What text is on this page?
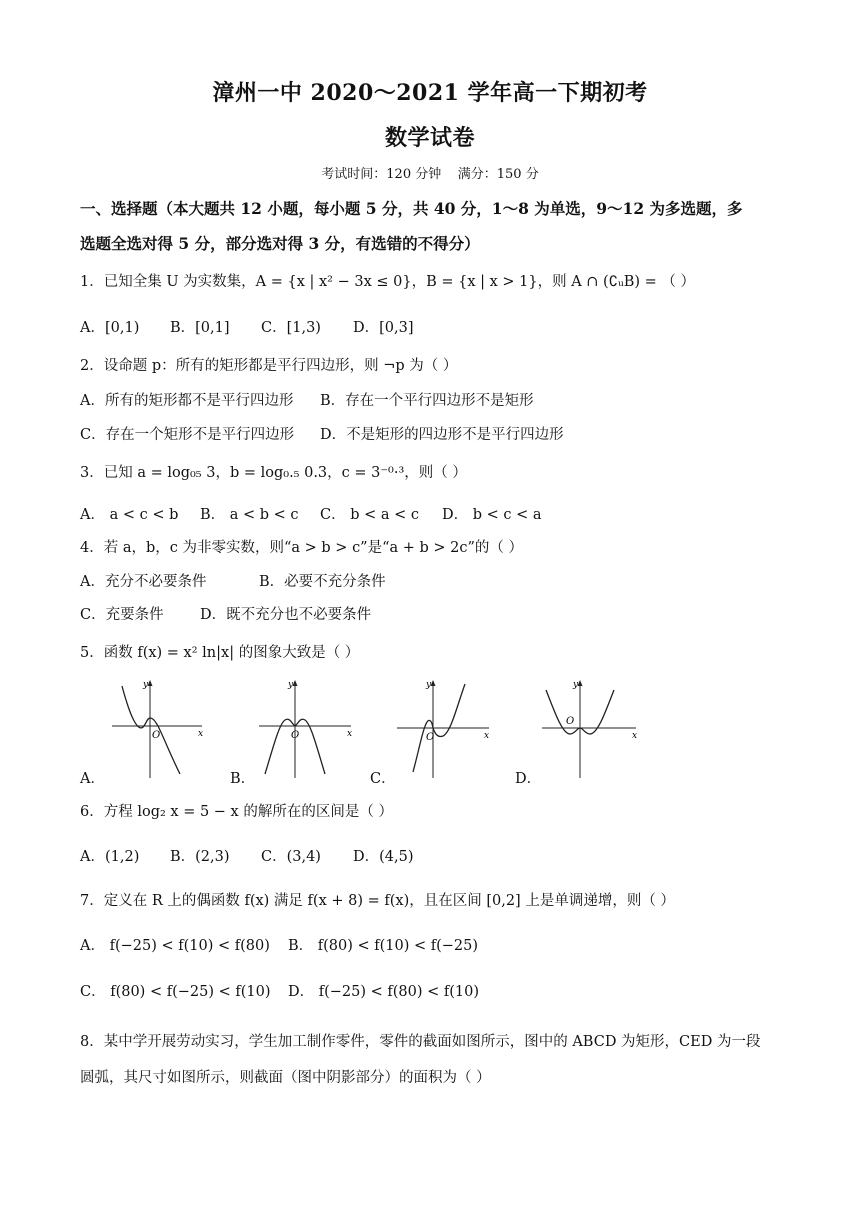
漳州一中 2020～2021 学年高一下期初考
数学试卷
考试时间：120 分钟    满分：150 分
一、选择题（本大题共 12 小题，每小题 5 分，共 40 分，1～8 为单选，9～12 为多选题，多
选题全选对得 5 分，部分选对得 3 分，有选错的不得分）
1．已知全集 U 为实数集，A = {x | x² − 3x ≤ 0}，B = {x | x > 1}，则 A ∩ (∁ᵤB) = （ ）
A．[0,1) B．[0,1] C．[1,3) D．[0,3]
2．设命题 p：所有的矩形都是平行四边形，则 ¬p 为（ ）
A．所有的矩形都不是平行四边形 B．存在一个平行四边形不是矩形
C．存在一个矩形不是平行四边形 D．不是矩形的四边形不是平行四边形
3．已知 a = log₀₅ 3，b = log₀.₅ 0.3，c = 3⁻⁰·³，则（ ）
A． a < c < b B． a < b < c C． b < a < c D． b < c < a
4．若 a，b，c 为非零实数，则“a > b > c”是“a + b > 2c”的（ ）
A．充分不必要条件	B．必要不充分条件
C．充要条件	D．既不充分也不必要条件
5．函数 f(x) = x² ln|x| 的图象大致是（ ）
y
x
O
A．
y
x
O
B．
y
x
O
C．
y
x
O
D．
6．方程 log₂ x = 5 − x 的解所在的区间是（ ）
A．(1,2) B．(2,3) C．(3,4) D．(4,5)
7．定义在 R 上的偶函数 f(x) 满足 f(x + 8) = f(x)，且在区间 [0,2] 上是单调递增，则（ ）
A． f(−25) < f(10) < f(80) B． f(80) < f(10) < f(−25)
C． f(80) < f(−25) < f(10) D． f(−25) < f(80) < f(10)
8．某中学开展劳动实习，学生加工制作零件，零件的截面如图所示，图中的 ABCD 为矩形，CED 为一段
圆弧，其尺寸如图所示，则截面（图中阴影部分）的面积为（ ）
